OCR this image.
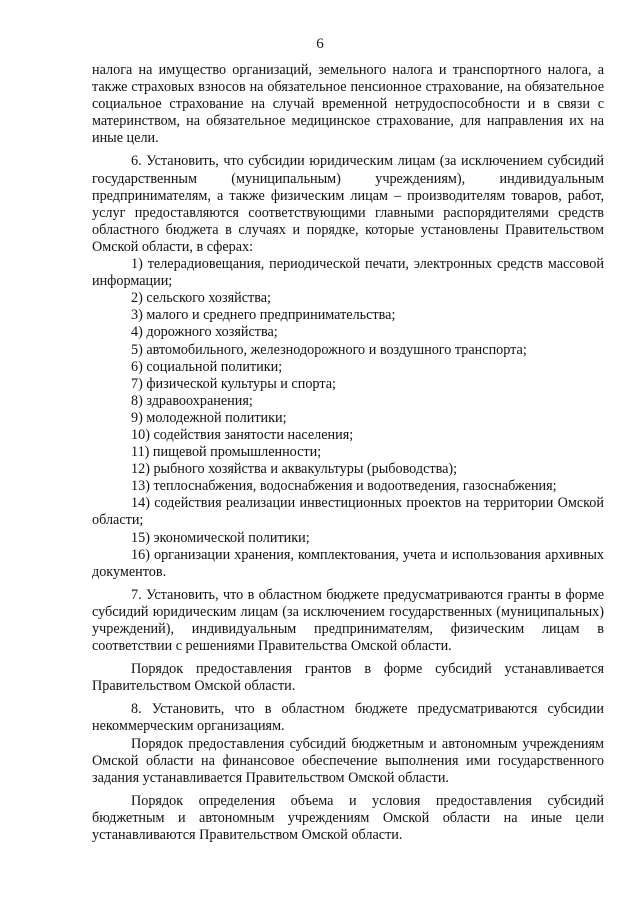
6

налога на имущество организаций, земельного налога и транспортного налога, а также страховых взносов на обязательное пенсионное страхование, на обязательное социальное страхование на случай временной нетрудоспособности и в связи с материнством, на обязательное медицинское страхование, для направления их на иные цели.

6. Установить, что субсидии юридическим лицам (за исключением субсидий государственным (муниципальным) учреждениям), индивидуальным предпринимателям, а также физическим лицам – производителям товаров, работ, услуг предоставляются соответствующими главными распорядителями средств областного бюджета в случаях и порядке, которые установлены Правительством Омской области, в сферах:

1) телерадиовещания, периодической печати, электронных средств массовой информации;

2) сельского хозяйства;

3) малого и среднего предпринимательства;

4) дорожного хозяйства;

5) автомобильного, железнодорожного и воздушного транспорта;

6) социальной политики;

7) физической культуры и спорта;

8) здравоохранения;

9) молодежной политики;

10) содействия занятости населения;

11) пищевой промышленности;

12) рыбного хозяйства и аквакультуры (рыбоводства);

13) теплоснабжения, водоснабжения и водоотведения, газоснабжения;

14) содействия реализации инвестиционных проектов на территории Омской области;

15) экономической политики;

16) организации хранения, комплектования, учета и использования архивных документов.

7. Установить, что в областном бюджете предусматриваются гранты в форме субсидий юридическим лицам (за исключением государственных (муниципальных) учреждений), индивидуальным предпринимателям, физическим лицам в соответствии с решениями Правительства Омской области.

Порядок предоставления грантов в форме субсидий устанавливается Правительством Омской области.

8. Установить, что в областном бюджете предусматриваются субсидии некоммерческим организациям.

Порядок предоставления субсидий бюджетным и автономным учреждениям Омской области на финансовое обеспечение выполнения ими государственного задания устанавливается Правительством Омской области.

Порядок определения объема и условия предоставления субсидий бюджетным и автономным учреждениям Омской области на иные цели устанавливаются Правительством Омской области.
